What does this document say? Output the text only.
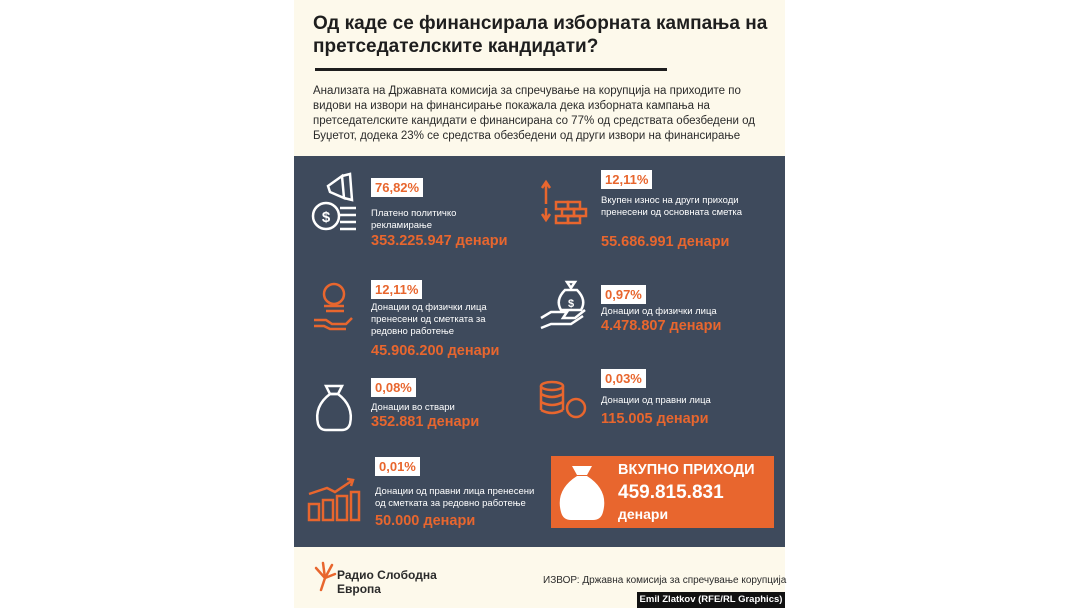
Од каде се финансирала изборната кампања на претседателските кандидати?

Анализата на Државната комисија за спречување на корупција на приходите по видови на извори на финансирање покажала дека изборната кампања на претседателските кандидати е финансирана со 77% од средствата обезбедени од Буџетот, додека 23% се средства обезбедени од други извори на финансирање

$
76,82%
Платено политичко рекламирање
353.225.947 денари
12,11%
Вкупен износ на други приходи пренесени од основната сметка
55.686.991 денари
12,11%
Донации од физички лица пренесени од сметката за редовно работење
45.906.200 денари
$
0,97%
Донации од физички лица
4.478.807 денари
0,08%
Донации во ствари
352.881 денари
0,03%
Донации од правни лица
115.005 денари
0,01%
Донации од правни лица пренесени од сметката за редовно работење
50.000 денари
ВКУПНО ПРИХОДИ
459.815.831
денари
Радио Слободна
Европа
ИЗВОР: Државна комисија за спречување корупција
Emil Zlatkov (RFE/RL Graphics)
